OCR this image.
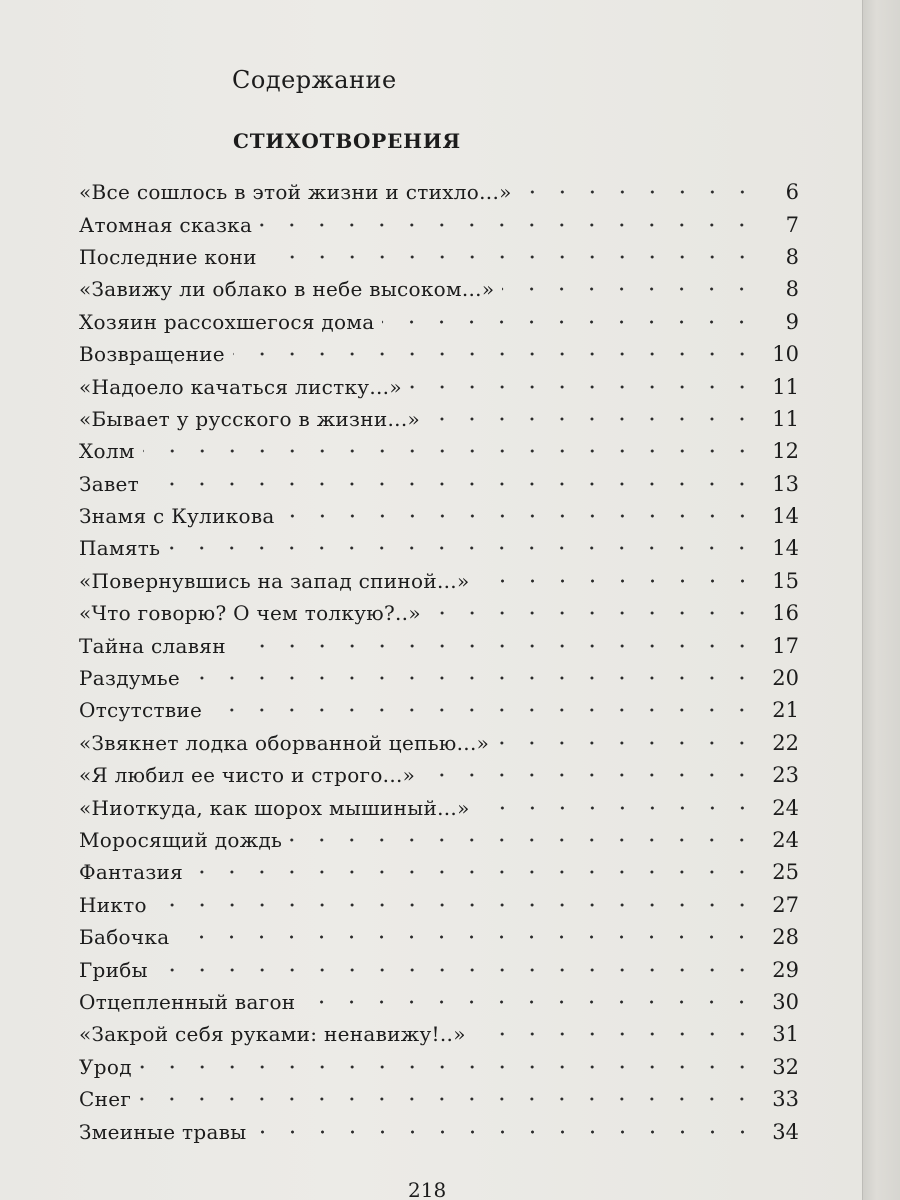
Содержание
СТИХОТВОРЕНИЯ
«Все сошлось в этой жизни и стихло...»	6
Атомная сказка	7
Последние кони	8
«Завижу ли облако в небе высоком...»	8
Хозяин рассохшегося дома	9
Возвращение	10
«Надоело качаться листку...»	11
«Бывает у русского в жизни...»	11
Холм	12
Завет	13
Знамя с Куликова	14
Память	14
«Повернувшись на запад спиной...»	15
«Что говорю? О чем толкую?..»	16
Тайна славян	17
Раздумье	20
Отсутствие	21
«Звякнет лодка оборванной цепью...»	22
«Я любил ее чисто и строго...»	23
«Ниоткуда, как шорох мышиный...»	24
Моросящий дождь	24
Фантазия	25
Никто	27
Бабочка	28
Грибы	29
Отцепленный вагон	30
«Закрой себя руками: ненавижу!..»	31
Урод	32
Снег	33
Змеиные травы	34

218
